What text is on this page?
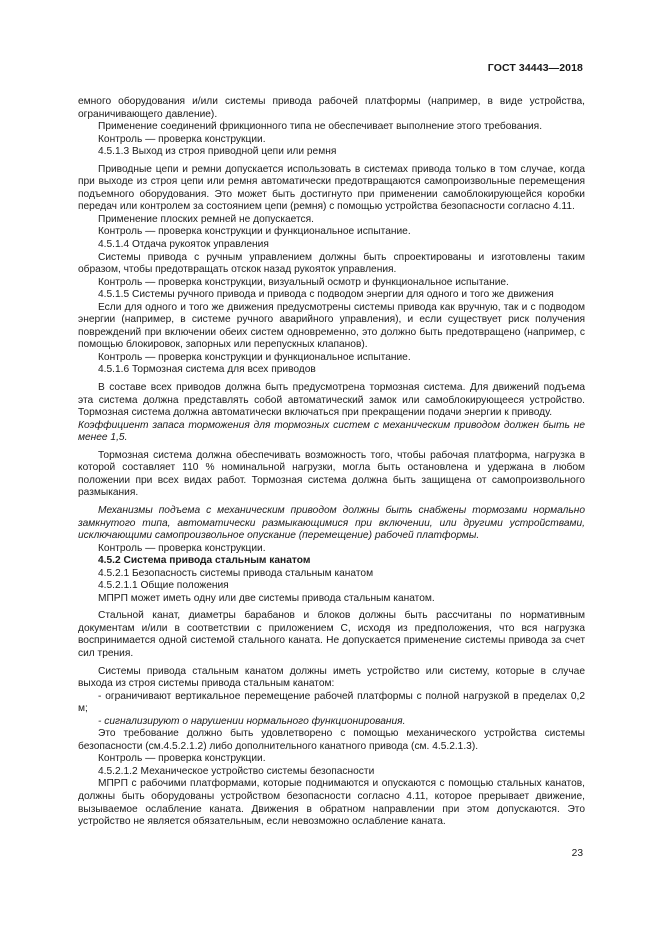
ГОСТ 34443—2018

емного оборудования и/или системы привода рабочей платформы (например, в виде устройства, ограничивающего давление).

Применение соединений фрикционного типа не обеспечивает выполнение этого требования.

Контроль — проверка конструкции.

4.5.1.3 Выход из строя приводной цепи или ремня

Приводные цепи и ремни допускается использовать в системах привода только в том случае, когда при выходе из строя цепи или ремня автоматически предотвращаются самопроизвольные перемещения подъемного оборудования. Это может быть достигнуто при применении самоблокирующейся коробки передач или контролем за состоянием цепи (ремня) с помощью устройства безопасности согласно 4.11.

Применение плоских ремней не допускается.

Контроль — проверка конструкции и функциональное испытание.

4.5.1.4 Отдача рукояток управления

Системы привода с ручным управлением должны быть спроектированы и изготовлены таким образом, чтобы предотвращать отскок назад рукояток управления.

Контроль — проверка конструкции, визуальный осмотр и функциональное испытание.

4.5.1.5 Системы ручного привода и привода с подводом энергии для одного и того же движения

Если для одного и того же движения предусмотрены системы привода как вручную, так и с подводом энергии (например, в системе ручного аварийного управления), и если существует риск получения повреждений при включении обеих систем одновременно, это должно быть предотвращено (например, с помощью блокировок, запорных или перепускных клапанов).

Контроль — проверка конструкции и функциональное испытание.

4.5.1.6 Тормозная система для всех приводов

В составе всех приводов должна быть предусмотрена тормозная система. Для движений подъема эта система должна представлять собой автоматический замок или самоблокирующееся устройство. Тормозная система должна автоматически включаться при прекращении подачи энергии к приводу.

Коэффициент запаса торможения для тормозных систем с механическим приводом должен быть не менее 1,5.

Тормозная система должна обеспечивать возможность того, чтобы рабочая платформа, нагрузка в которой составляет 110 % номинальной нагрузки, могла быть остановлена и удержана в любом положении при всех видах работ. Тормозная система должна быть защищена от самопроизвольного размыкания.

Механизмы подъема с механическим приводом должны быть снабжены тормозами нормально замкнутого типа, автоматически размыкающимися при включении, или другими устройствами, исключающими самопроизвольное опускание (перемещение) рабочей платформы.

Контроль — проверка конструкции.

4.5.2 Система привода стальным канатом

4.5.2.1 Безопасность системы привода стальным канатом

4.5.2.1.1 Общие положения

МПРП может иметь одну или две системы привода стальным канатом.

Стальной канат, диаметры барабанов и блоков должны быть рассчитаны по нормативным документам и/или в соответствии с приложением С, исходя из предположения, что вся нагрузка воспринимается одной системой стального каната. Не допускается применение системы привода за счет сил трения.

Системы привода стальным канатом должны иметь устройство или систему, которые в случае выхода из строя системы привода стальным канатом:

- ограничивают вертикальное перемещение рабочей платформы с полной нагрузкой в пределах 0,2 м;

- сигнализируют о нарушении нормального функционирования.

Это требование должно быть удовлетворено с помощью механического устройства системы безопасности (см.4.5.2.1.2) либо дополнительного канатного привода (см. 4.5.2.1.3).

Контроль — проверка конструкции.

4.5.2.1.2 Механическое устройство системы безопасности

МПРП с рабочими платформами, которые поднимаются и опускаются с помощью стальных канатов, должны быть оборудованы устройством безопасности согласно 4.11, которое прерывает движение, вызываемое ослабление каната. Движения в обратном направлении при этом допускаются. Это устройство не является обязательным, если невозможно ослабление каната.

23
